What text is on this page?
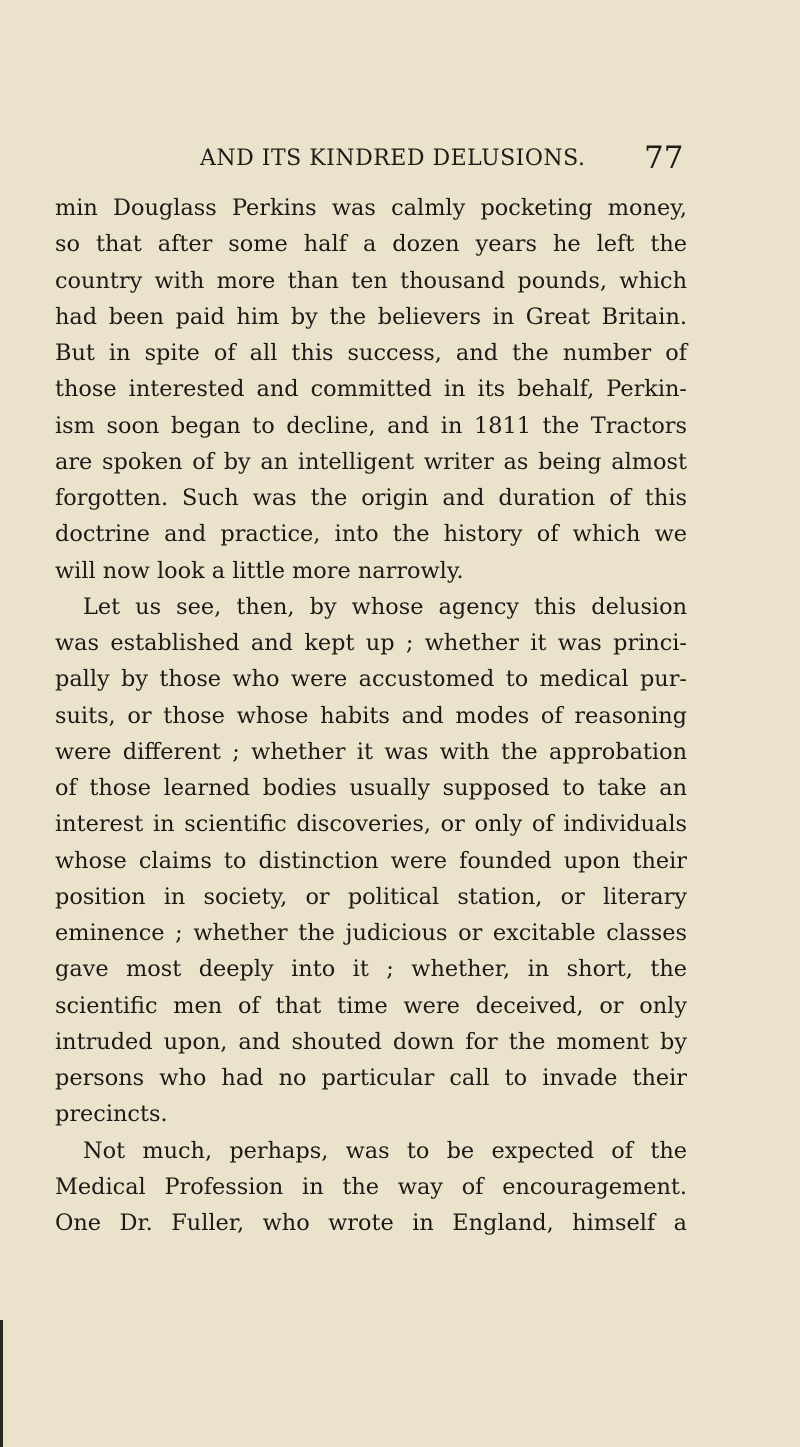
AND ITS KINDRED DELUSIONS. 77
min Douglass Perkins was calmly pocketing money,
so that after some half a dozen years he left the
country with more than ten thousand pounds, which
had been paid him by the believers in Great Britain.
But in spite of all this success, and the number of
those interested and committed in its behalf, Perkin-
ism soon began to decline, and in 1811 the Tractors
are spoken of by an intelligent writer as being almost
forgotten. Such was the origin and duration of this
doctrine and practice, into the history of which we
will now look a little more narrowly.
Let us see, then, by whose agency this delusion
was established and kept up ; whether it was princi-
pally by those who were accustomed to medical pur-
suits, or those whose habits and modes of reasoning
were different ; whether it was with the approbation
of those learned bodies usually supposed to take an
interest in scientific discoveries, or only of individuals
whose claims to distinction were founded upon their
position in society, or political station, or literary
eminence ; whether the judicious or excitable classes
gave most deeply into it ; whether, in short, the
scientific men of that time were deceived, or only
intruded upon, and shouted down for the moment by
persons who had no particular call to invade their
precincts.
Not much, perhaps, was to be expected of the
Medical Profession in the way of encouragement.
One Dr. Fuller, who wrote in England, himself a
